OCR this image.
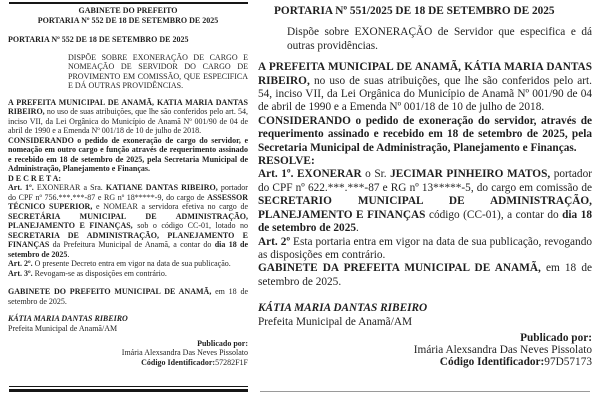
GABINETE DO PREFEITO
PORTARIA Nº 552 DE 18 DE SETEMBRO DE 2025
PORTARIA Nº 552 DE 18 DE SETEMBRO DE 2025
DISPÕE SOBRE EXONERAÇÃO DE CARGO E NOMEAÇÃO DE SERVIDOR DO CARGO DE PROVIMENTO EM COMISSÃO, QUE ESPECIFICA E DÁ OUTRAS PROVIDÊNCIAS.
A PREFEITA MUNICIPAL DE ANAMÃ, KATIA MARIA DANTAS RIBEIRO, no uso de suas atribuições, que lhe são conferidos pelo art. 54, inciso VII, da Lei Orgânica do Município de Anamã Nº 001/90 de 04 de abril de 1990 e a Emenda Nº 001/18 de 10 de julho de 2018.
CONSIDERANDO o pedido de exoneração de cargo do servidor, e nomeação em outro cargo e função através de requerimento assinado e recebido em 18 de setembro de 2025, pela Secretaria Municipal de Administração, Planejamento e Finanças.
D E C R E T A:
Art. 1º. EXONERAR a Sra. KATIANE DANTAS RIBEIRO, portador do CPF nº 756.***.***-87 e RG nº 18*****-9, do cargo de ASSESSOR TÉCNICO SUPERIOR, e NOMEAR a servidora efetiva no cargo de SECRETÁRIA MUNICIPAL DE ADMINISTRAÇÃO, PLANEJAMENTO E FINANÇAS, sob o código CC-01, lotado no SECRETARIA DE ADMINISTRAÇÃO, PLANEJAMENTO E FINANÇAS da Prefeitura Municipal de Anamã, a contar do dia 18 de setembro de 2025.
Art. 2º. O presente Decreto entra em vigor na data de sua publicação.
Art. 3º. Revogam-se as disposições em contrário.
GABINETE DO PREFEITO MUNICIPAL DE ANAMÃ, em 18 de setembro de 2025.
KÁTIA MARIA DANTAS RIBEIRO
Prefeita Municipal de Anamã/AM
Publicado por:
Imária Alexsandra Das Neves Pissolato
Código Identificador:57282F1F
PORTARIA Nº 551/2025 DE 18 DE SETEMBRO DE 2025
Dispõe sobre EXONERAÇÃO de Servidor que especifica e dá outras providências.
A PREFEITA MUNICIPAL DE ANAMÃ, KÁTIA MARIA DANTAS RIBEIRO, no uso de suas atribuições, que lhe são conferidos pelo art. 54, inciso VII, da Lei Orgânica do Município de Anamã Nº 001/90 de 04 de abril de 1990 e a Emenda Nº 001/18 de 10 de julho de 2018.
CONSIDERANDO o pedido de exoneração do servidor, através de requerimento assinado e recebido em 18 de setembro de 2025, pela Secretaria Municipal de Administração, Planejamento e Finanças.
RESOLVE:
Art. 1º. EXONERAR o Sr. JECIMAR PINHEIRO MATOS, portador do CPF nº 622.***.***-87 e RG nº 13*****-5, do cargo em comissão de SECRETARIO MUNICIPAL DE ADMINISTRAÇÃO, PLANEJAMENTO E FINANÇAS código (CC-01), a contar do dia 18 de setembro de 2025.
Art. 2º Esta portaria entra em vigor na data de sua publicação, revogando as disposições em contrário.
GABINETE DA PREFEITA MUNICIPAL DE ANAMÃ, em 18 de setembro de 2025.
KÁTIA MARIA DANTAS RIBEIRO
Prefeita Municipal de Anamã/AM
Publicado por:
Imária Alexsandra Das Neves Pissolato
Código Identificador:97D57173
